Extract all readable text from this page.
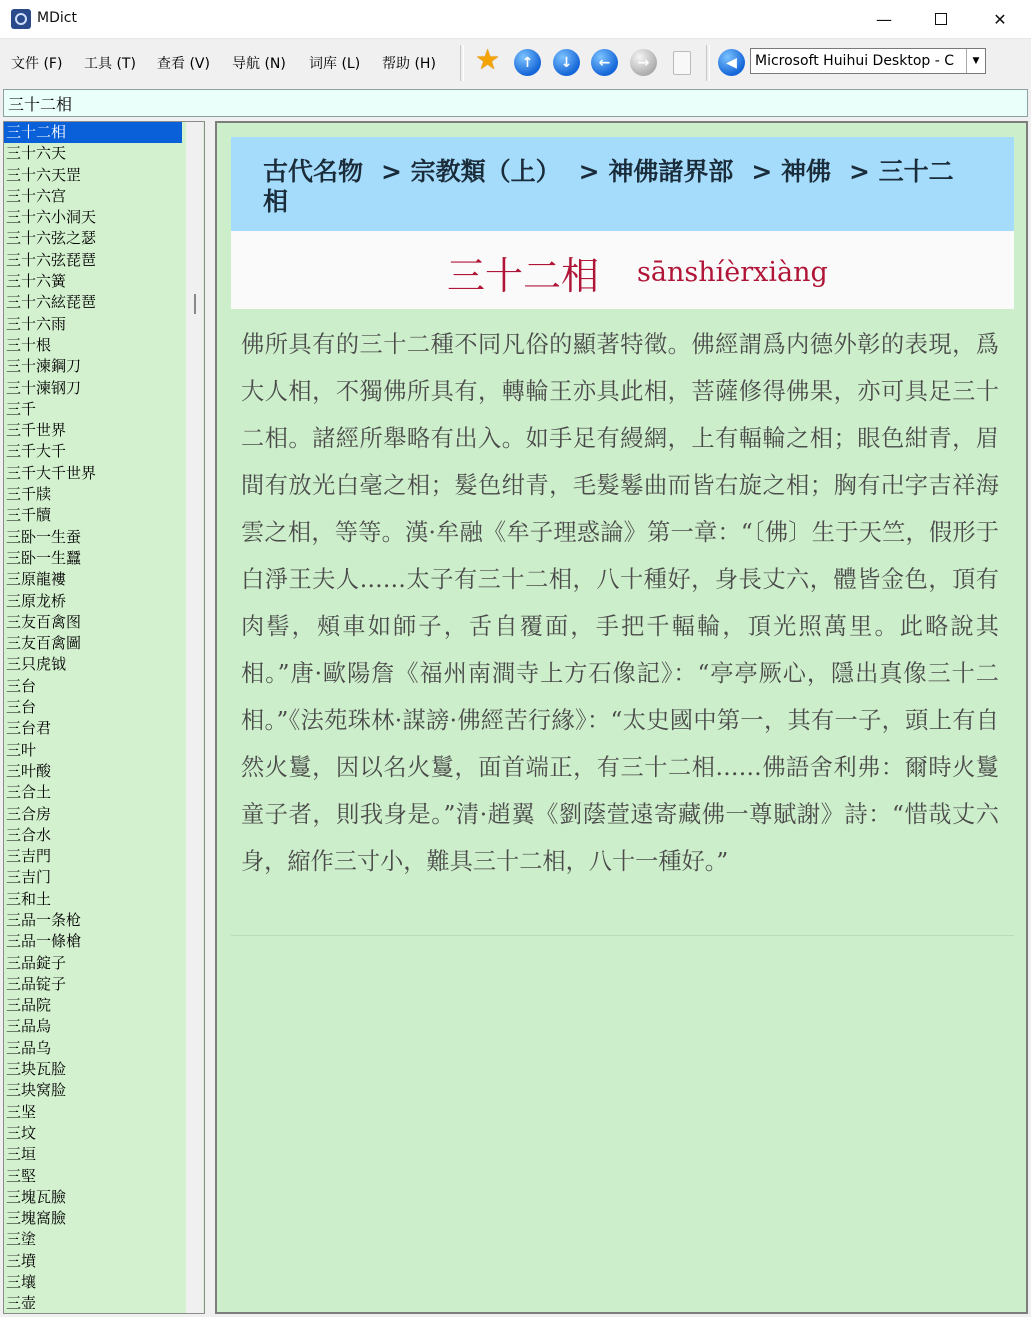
MDict	—	✕
文件 (F) 工具 (T) 查看 (V) 导航 (N) 词库 (L) 帮助 (H) ★	↑	↓	←	→	◀	Microsoft Huihui Desktop - C	▼
三十二相
三十二相
三十六天
三十六天罡
三十六宫
三十六小洞天
三十六弦之瑟
三十六弦琵琶
三十六簧
三十六絃琵琶
三十六雨
三十根
三十湅鋼刀
三十湅钢刀
三千
三千世界
三千大千
三千大千世界
三千牍
三千牘
三卧一生蚕
三卧一生蠶
三原龍褸
三原龙桥
三友百禽图
三友百禽圖
三只虎钺
三台
三台
三台君
三叶
三叶酸
三合土
三合房
三合水
三吉門
三吉门
三和土
三品一条枪
三品一條槍
三品錠子
三品锭子
三品院
三品烏
三品乌
三块瓦脸
三块窝脸
三坚
三坟
三垣
三堅
三塊瓦臉
三塊窩臉
三塗
三墳
三壤
三壶
古代名物 > 宗教類（上） > 神佛諸界部 > 神佛 > 三十二相
三十二相 sānshíèrxiàng
佛所具有的三十二種不同凡俗的顯著特徵。佛經謂爲内德外彰的表現，爲大人相，不獨佛所具有，轉輪王亦具此相，菩薩修得佛果，亦可具足三十二相。諸經所舉略有出入。如手足有縵網，上有輻輪之相；眼色紺青，眉間有放光白毫之相；髮色绀青，毛髮鬈曲而皆右旋之相；胸有卍字吉祥海雲之相，等等。漢·牟融《牟子理惑論》第一章：“〔佛〕生于天竺，假形于白淨王夫人……太子有三十二相，八十種好，身長丈六，體皆金色，頂有肉髻，頰車如師子，舌自覆面，手把千輻輪，頂光照萬里。此略說其相。”唐·歐陽詹《福州南澗寺上方石像記》：“亭亭厥心，隱出真像三十二相。”《法苑珠林·謀謗·佛經苦行緣》：“太史國中第一，其有一子，頭上有自然火鬘，因以名火鬘，面首端正，有三十二相……佛語舍利弗：爾時火鬘童子者，則我身是。”清·趙翼《劉蔭萱遠寄藏佛一尊賦謝》詩：“惜哉丈六身，縮作三寸小，難具三十二相，八十一種好。”
